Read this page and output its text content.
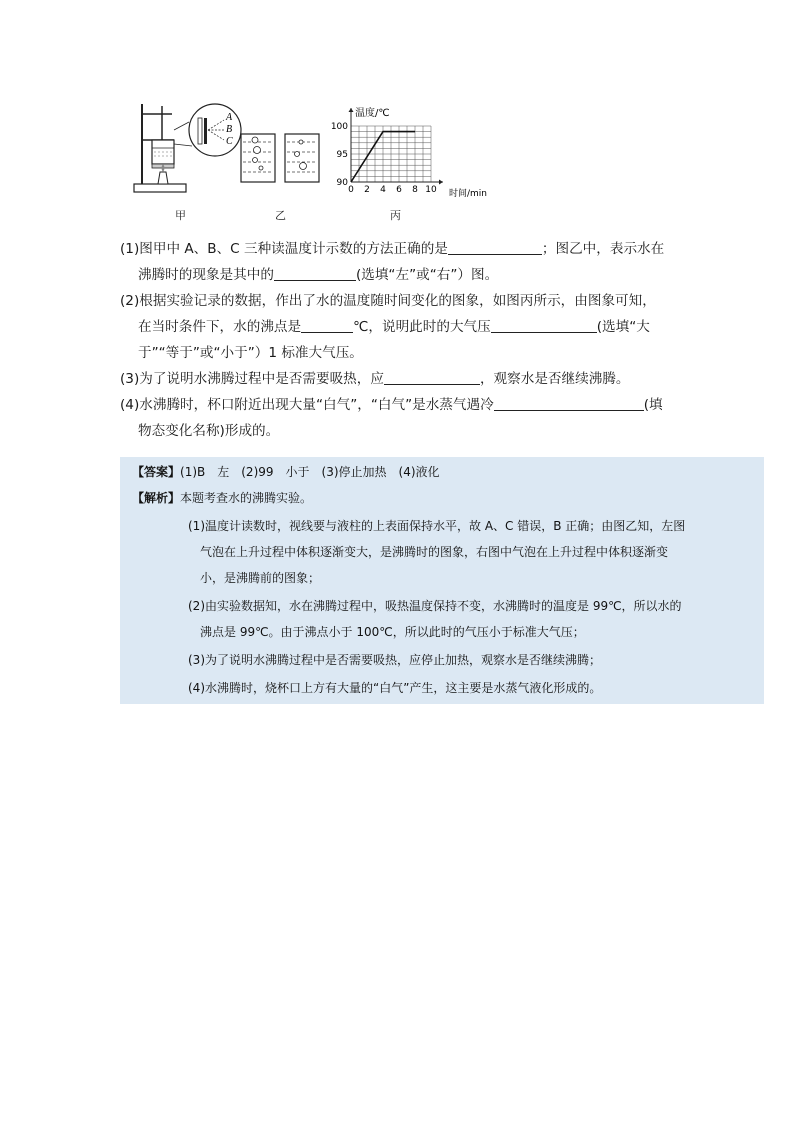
A
B
C
0 2 4 6 8 10
90
95
100
温度/℃
时间/min
甲	乙	丙
(1)图甲中 A、B、C 三种读温度计示数的方法正确的是	；图乙中，表示水在
沸腾时的现象是其中的	(选填“左”或“右”）图。
(2)根据实验记录的数据，作出了水的温度随时间变化的图象，如图丙所示，由图象可知，
在当时条件下，水的沸点是	℃，说明此时的大气压	(选填“大
于”“等于”或“小于”）1 标准大气压。
(3)为了说明水沸腾过程中是否需要吸热，应	，观察水是否继续沸腾。
(4)水沸腾时，杯口附近出现大量“白气”，“白气”是水蒸气遇冷	(填
物态变化名称)形成的。
【答案】(1)B　左　(2)99　小于　(3)停止加热　(4)液化
【解析】本题考查水的沸腾实验。
(1)温度计读数时，视线要与液柱的上表面保持水平，故 A、C 错误，B 正确；由图乙知，左图
气泡在上升过程中体积逐渐变大，是沸腾时的图象，右图中气泡在上升过程中体积逐渐变
小，是沸腾前的图象；
(2)由实验数据知，水在沸腾过程中，吸热温度保持不变，水沸腾时的温度是 99℃，所以水的
沸点是 99℃。由于沸点小于 100℃，所以此时的气压小于标准大气压；
(3)为了说明水沸腾过程中是否需要吸热，应停止加热，观察水是否继续沸腾；
(4)水沸腾时，烧杯口上方有大量的“白气”产生，这主要是水蒸气液化形成的。
